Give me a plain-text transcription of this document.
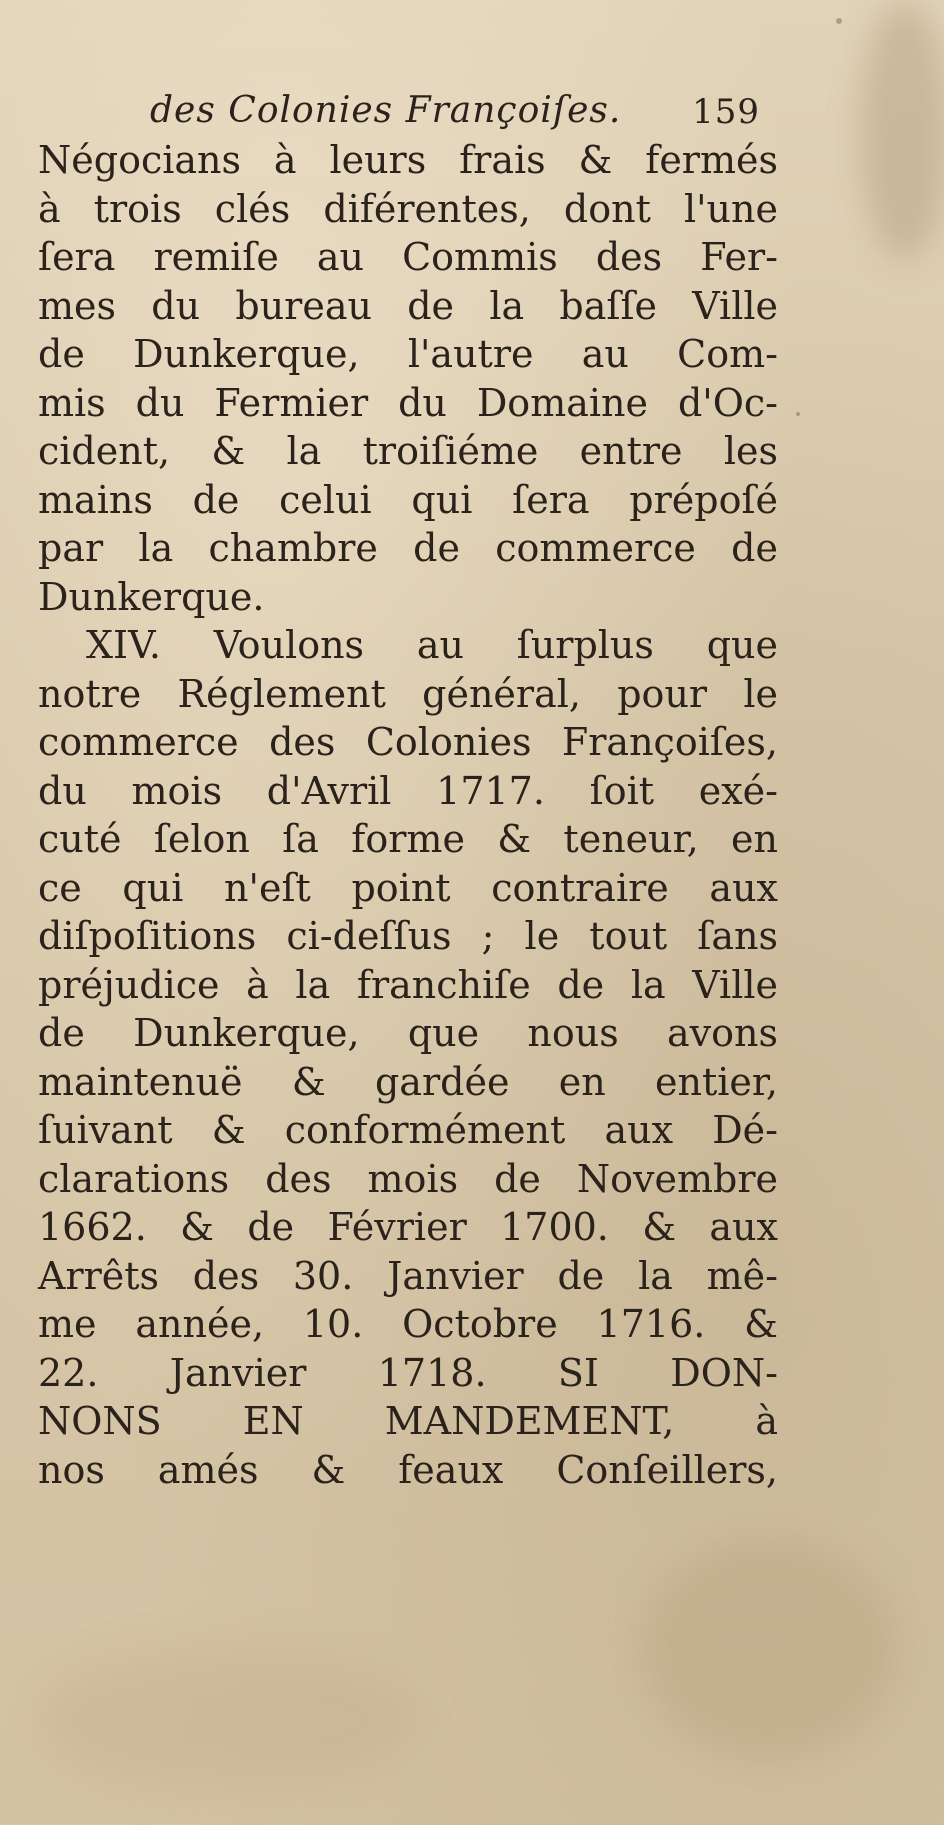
des Colonies Françoiſes. 159
Négocians à leurs frais & fermés
à trois clés diférentes, dont l'une
ſera remiſe au Commis des Fer-
mes du bureau de la baſſe Ville
de Dunkerque, l'autre au Com-
mis du Fermier du Domaine d'Oc-
cident, & la troiſiéme entre les
mains de celui qui ſera prépoſé
par la chambre de commerce de
Dunkerque.
XIV. Voulons au ſurplus que
notre Réglement général, pour le
commerce des Colonies Françoiſes,
du mois d'Avril 1717. ſoit exé-
cuté ſelon ſa forme & teneur, en
ce qui n'eſt point contraire aux
diſpoſitions ci-deſſus ; le tout ſans
préjudice à la franchiſe de la Ville
de Dunkerque, que nous avons
maintenuë & gardée en entier,
ſuivant & conformément aux Dé-
clarations des mois de Novembre
1662. & de Février 1700. & aux
Arrêts des 30. Janvier de la mê-
me année, 10. Octobre 1716. &
22. Janvier 1718. SI DON-
NONS EN MANDEMENT, à
nos amés & feaux Conſeillers,
